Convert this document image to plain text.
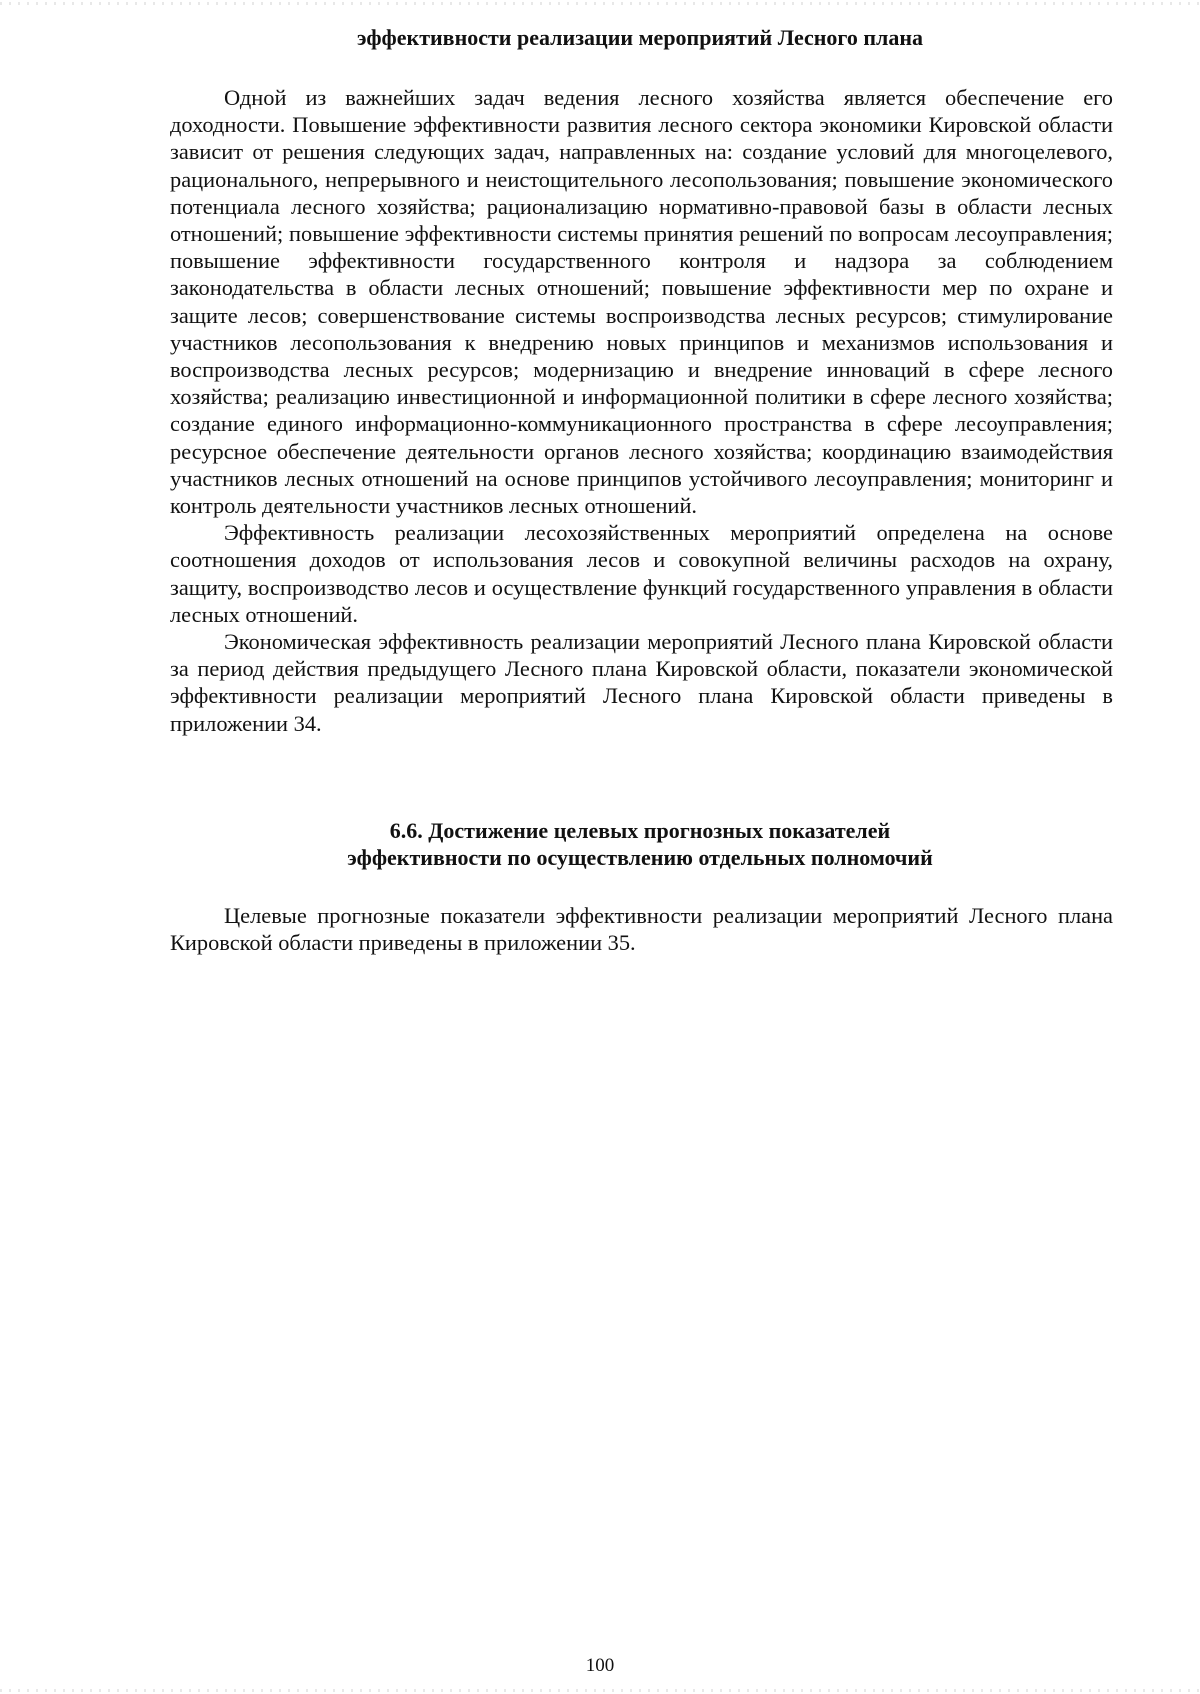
эффективности реализации мероприятий Лесного плана

Одной из важнейших задач ведения лесного хозяйства является обеспечение его доходности. Повышение эффективности развития лесного сектора экономики Кировской области зависит от решения следующих задач, направленных на: создание условий для многоцелевого, рационального, непрерывного и неистощительного лесопользования; повышение экономического потенциала лесного хозяйства; рационализацию нормативно-правовой базы в области лесных отношений; повышение эффективности системы принятия решений по вопросам лесоуправления; повышение эффективности государственного контроля и надзора за соблюдением законодательства в области лесных отношений; повышение эффективности мер по охране и защите лесов; совершенствование системы воспроизводства лесных ресурсов; стимулирование участников лесопользования к внедрению новых принципов и механизмов использования и воспроизводства лесных ресурсов; модернизацию и внедрение инноваций в сфере лесного хозяйства; реализацию инвестиционной и информационной политики в сфере лесного хозяйства; создание единого информационно-коммуникационного пространства в сфере лесоуправления; ресурсное обеспечение деятельности органов лесного хозяйства; координацию взаимодействия участников лесных отношений на основе принципов устойчивого лесоуправления; мониторинг и контроль деятельности участников лесных отношений.

Эффективность реализации лесохозяйственных мероприятий определена на основе соотношения доходов от использования лесов и совокупной величины расходов на охрану, защиту, воспроизводство лесов и осуществление функций государственного управления в области лесных отношений.

Экономическая эффективность реализации мероприятий Лесного плана Кировской области за период действия предыдущего Лесного плана Кировской области, показатели экономической эффективности реализации мероприятий Лесного плана Кировской области приведены в приложении 34.

6.6. Достижение целевых прогнозных показателей
эффективности по осуществлению отдельных полномочий

Целевые прогнозные показатели эффективности реализации мероприятий Лесного плана Кировской области приведены в приложении 35.

100
